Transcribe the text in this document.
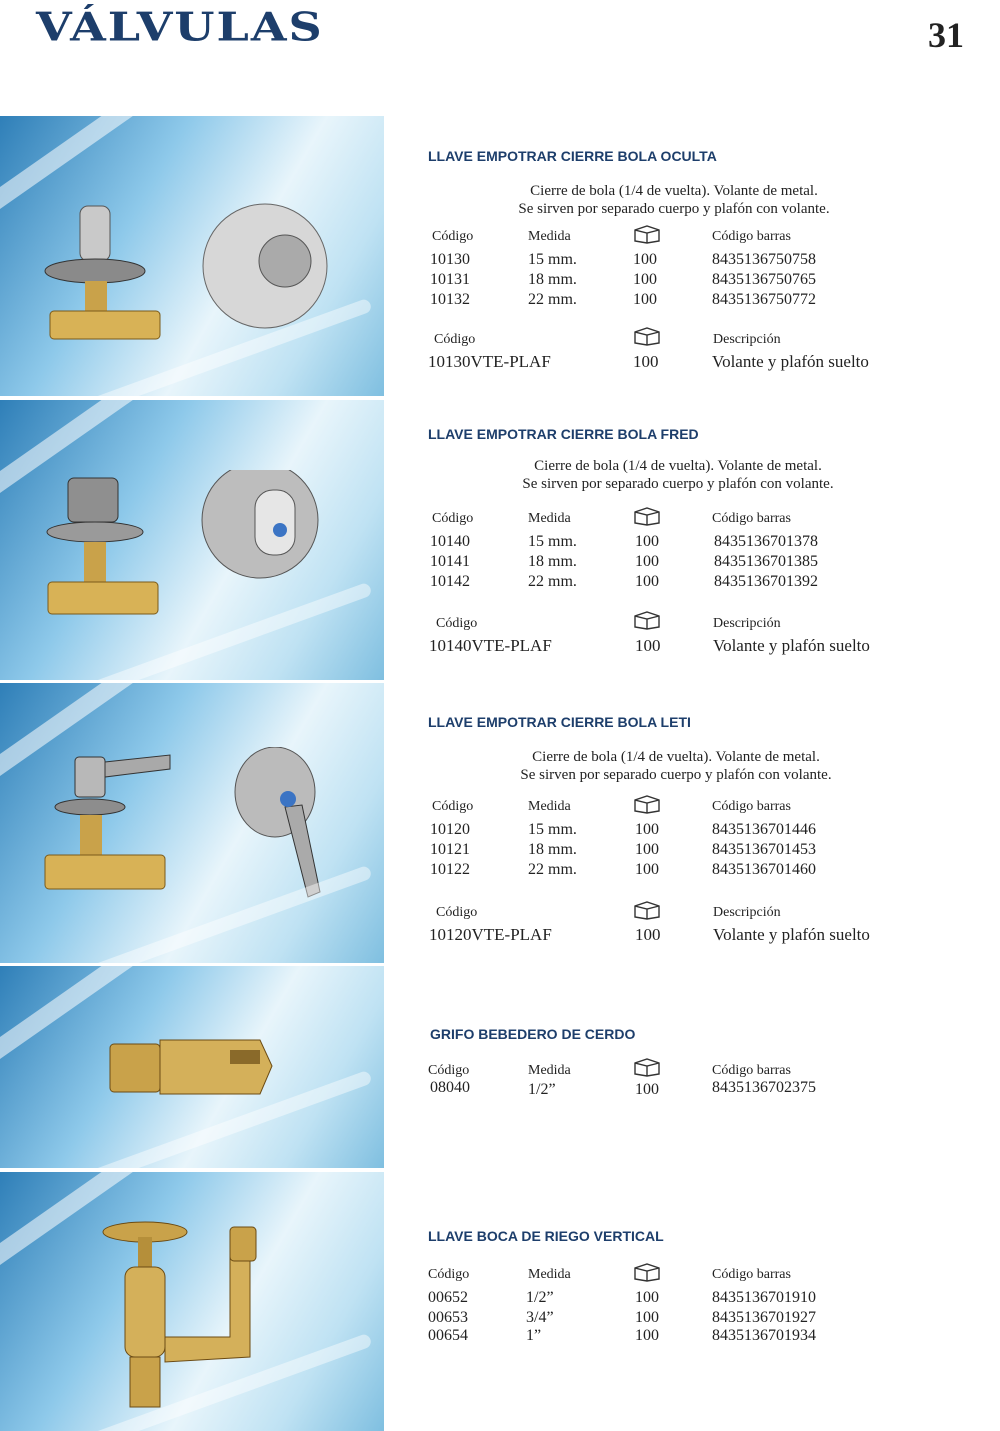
VÁLVULAS	31
LLAVE EMPOTRAR CIERRE BOLA OCULTA
Cierre de bola (1/4 de vuelta). Volante de metal.
Se sirven por separado cuerpo y plafón con volante.
Código	Medida	Código barras
10130	15 mm.	100	8435136750758
10131	18 mm.	100	8435136750765
10132	22 mm.	100	8435136750772
Código	Descripción
10130VTE-PLAF	100	Volante y plafón suelto
LLAVE EMPOTRAR CIERRE BOLA FRED
Cierre de bola (1/4 de vuelta). Volante de metal.
Se sirven por separado cuerpo y plafón con volante.
Código	Medida	Código barras
10140	15 mm.	100	8435136701378
10141	18 mm.	100	8435136701385
10142	22 mm.	100	8435136701392
Código	Descripción
10140VTE-PLAF	100	Volante y plafón suelto
LLAVE EMPOTRAR CIERRE BOLA LETI
Cierre de bola (1/4 de vuelta). Volante de metal.
Se sirven por separado cuerpo y plafón con volante.
Código	Medida	Código barras
10120	15 mm.	100	8435136701446
10121	18 mm.	100	8435136701453
10122	22 mm.	100	8435136701460
Código	Descripción
10120VTE-PLAF	100	Volante y plafón suelto
GRIFO BEBEDERO DE CERDO
Código	Medida	Código barras
08040	1/2”	100	8435136702375
LLAVE BOCA DE RIEGO VERTICAL
Código	Medida	Código barras
00652	1/2”	100	8435136701910
00653	3/4”	100	8435136701927
00654	1”	100	8435136701934
